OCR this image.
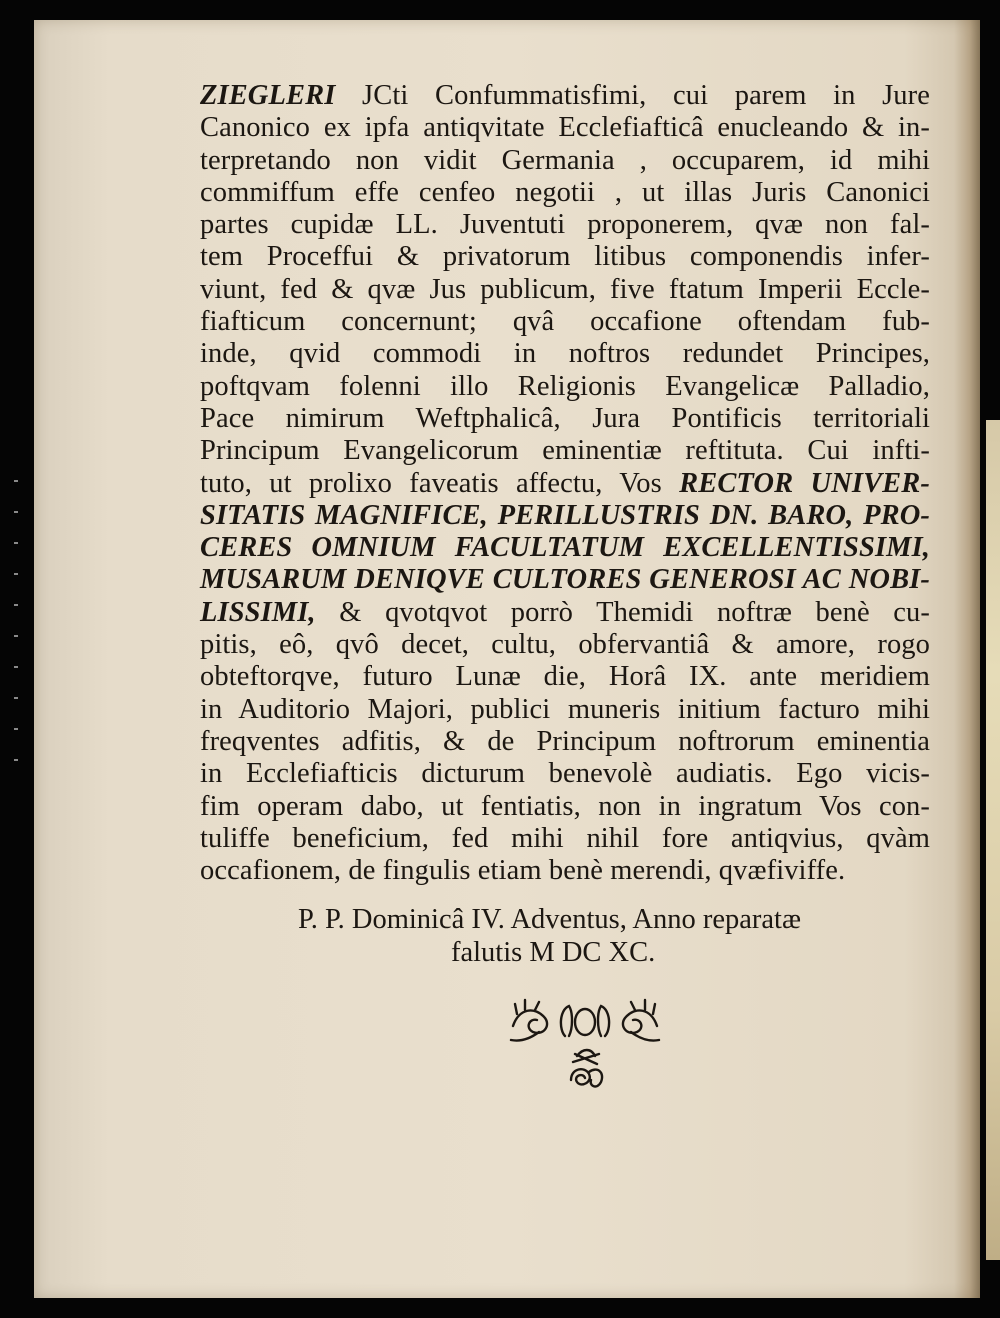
ZIEGLERI JCti Confummatisfimi, cui parem in Jure
Canonico ex ipfa antiqvitate Ecclefiafticâ enucleando & in-
terpretando non vidit Germania , occuparem, id mihi
commiffum effe cenfeo negotii , ut illas Juris Canonici
partes cupidæ LL. Juventuti proponerem, qvæ non fal-
tem Proceffui & privatorum litibus componendis infer-
viunt, fed & qvæ Jus publicum, five ftatum Imperii Eccle-
fiafticum concernunt; qvâ occafione oftendam fub-
inde, qvid commodi in noftros redundet Principes,
poftqvam folenni illo Religionis Evangelicæ Palladio,
Pace nimirum Weftphalicâ, Jura Pontificis territoriali
Principum Evangelicorum eminentiæ reftituta. Cui infti-
tuto, ut prolixo faveatis affectu, Vos RECTOR UNIVER-
SITATIS MAGNIFICE, PERILLUSTRIS DN. BARO, PRO-
CERES OMNIUM FACULTATUM EXCELLENTISSIMI,
MUSARUM DENIQVE CULTORES GENEROSI AC NOBI-
LISSIMI, & qvotqvot porrò Themidi noftræ benè cu-
pitis, eô, qvô decet, cultu, obfervantiâ & amore, rogo
obteftorqve, futuro Lunæ die, Horâ IX. ante meridiem
in Auditorio Majori, publici muneris initium facturo mihi
freqventes adfitis, & de Principum noftrorum eminentia
in Ecclefiafticis dicturum benevolè audiatis. Ego vicis-
fim operam dabo, ut fentiatis, non in ingratum Vos con-
tuliffe beneficium, fed mihi nihil fore antiqvius, qvàm
occafionem, de fingulis etiam benè merendi, qvæfiviffe.
P. P. Dominicâ IV. Adventus, Anno reparatæ
falutis M DC XC.
